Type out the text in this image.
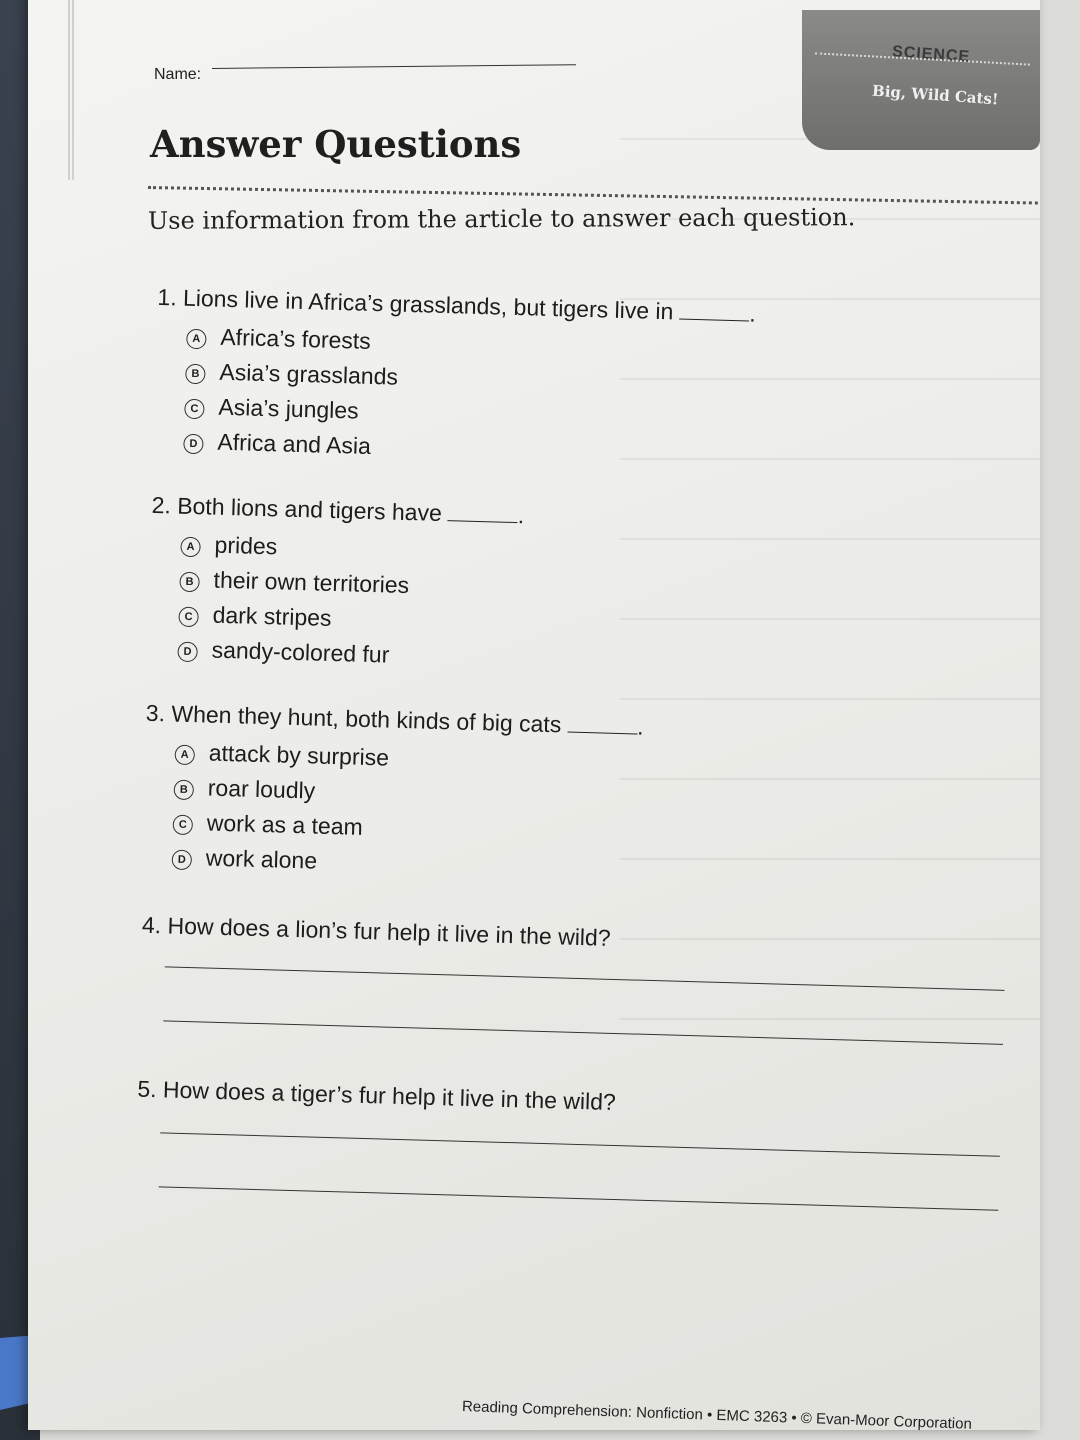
SCIENCE
Big, Wild Cats!
Name:
Answer Questions
Use information from the article to answer each question.
1. Lions live in Africa’s grasslands, but tigers live in	.
A Africa’s forests
B Asia’s grasslands
C Asia’s jungles
D Africa and Asia
2. Both lions and tigers have	.
A prides
B their own territories
C dark stripes
D sandy-colored fur
3. When they hunt, both kinds of big cats	.
A attack by surprise
B roar loudly
C work as a team
D work alone
4. How does a lion’s fur help it live in the wild?
5. How does a tiger’s fur help it live in the wild?
Reading Comprehension: Nonfiction • EMC 3263 • © Evan-Moor Corporation
